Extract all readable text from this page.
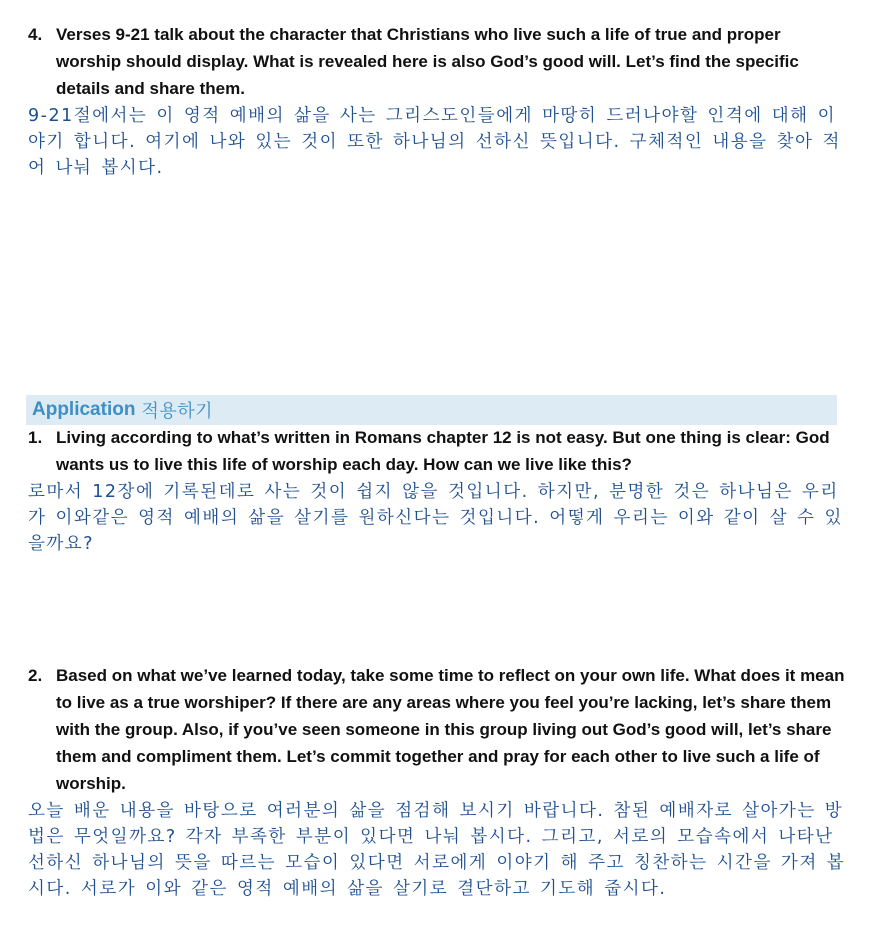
4. Verses 9-21 talk about the character that Christians who live such a life of true and proper worship should display. What is revealed here is also God’s good will. Let’s find the specific details and share them.
9-21절에서는 이 영적 예배의 삶을 사는 그리스도인들에게 마땅히 드러나야할 인격에 대해 이야기 합니다. 여기에 나와 있는 것이 또한 하나님의 선하신 뜻입니다. 구체적인 내용을 찾아 적어 나눠 봅시다.
Application 적용하기
1. Living according to what’s written in Romans chapter 12 is not easy. But one thing is clear: God wants us to live this life of worship each day. How can we live like this?
로마서 12장에 기록된데로 사는 것이 쉽지 않을 것입니다. 하지만, 분명한 것은 하나님은 우리가 이와같은 영적 예배의 삶을 살기를 원하신다는 것입니다. 어떻게 우리는 이와 같이 살 수 있을까요?
2. Based on what we’ve learned today, take some time to reflect on your own life. What does it mean to live as a true worshiper? If there are any areas where you feel you’re lacking, let’s share them with the group. Also, if you’ve seen someone in this group living out God’s good will, let’s share them and compliment them. Let’s commit together and pray for each other to live such a life of worship.
오늘 배운 내용을 바탕으로 여러분의 삶을 점검해 보시기 바랍니다. 참된 예배자로 살아가는 방법은 무엇일까요? 각자 부족한 부분이 있다면 나눠 봅시다. 그리고, 서로의 모습속에서 나타난 선하신 하나님의 뜻을 따르는 모습이 있다면 서로에게 이야기 해 주고 칭찬하는 시간을 가져 봅시다. 서로가 이와 같은 영적 예배의 삶을 살기로 결단하고 기도해 줍시다.
